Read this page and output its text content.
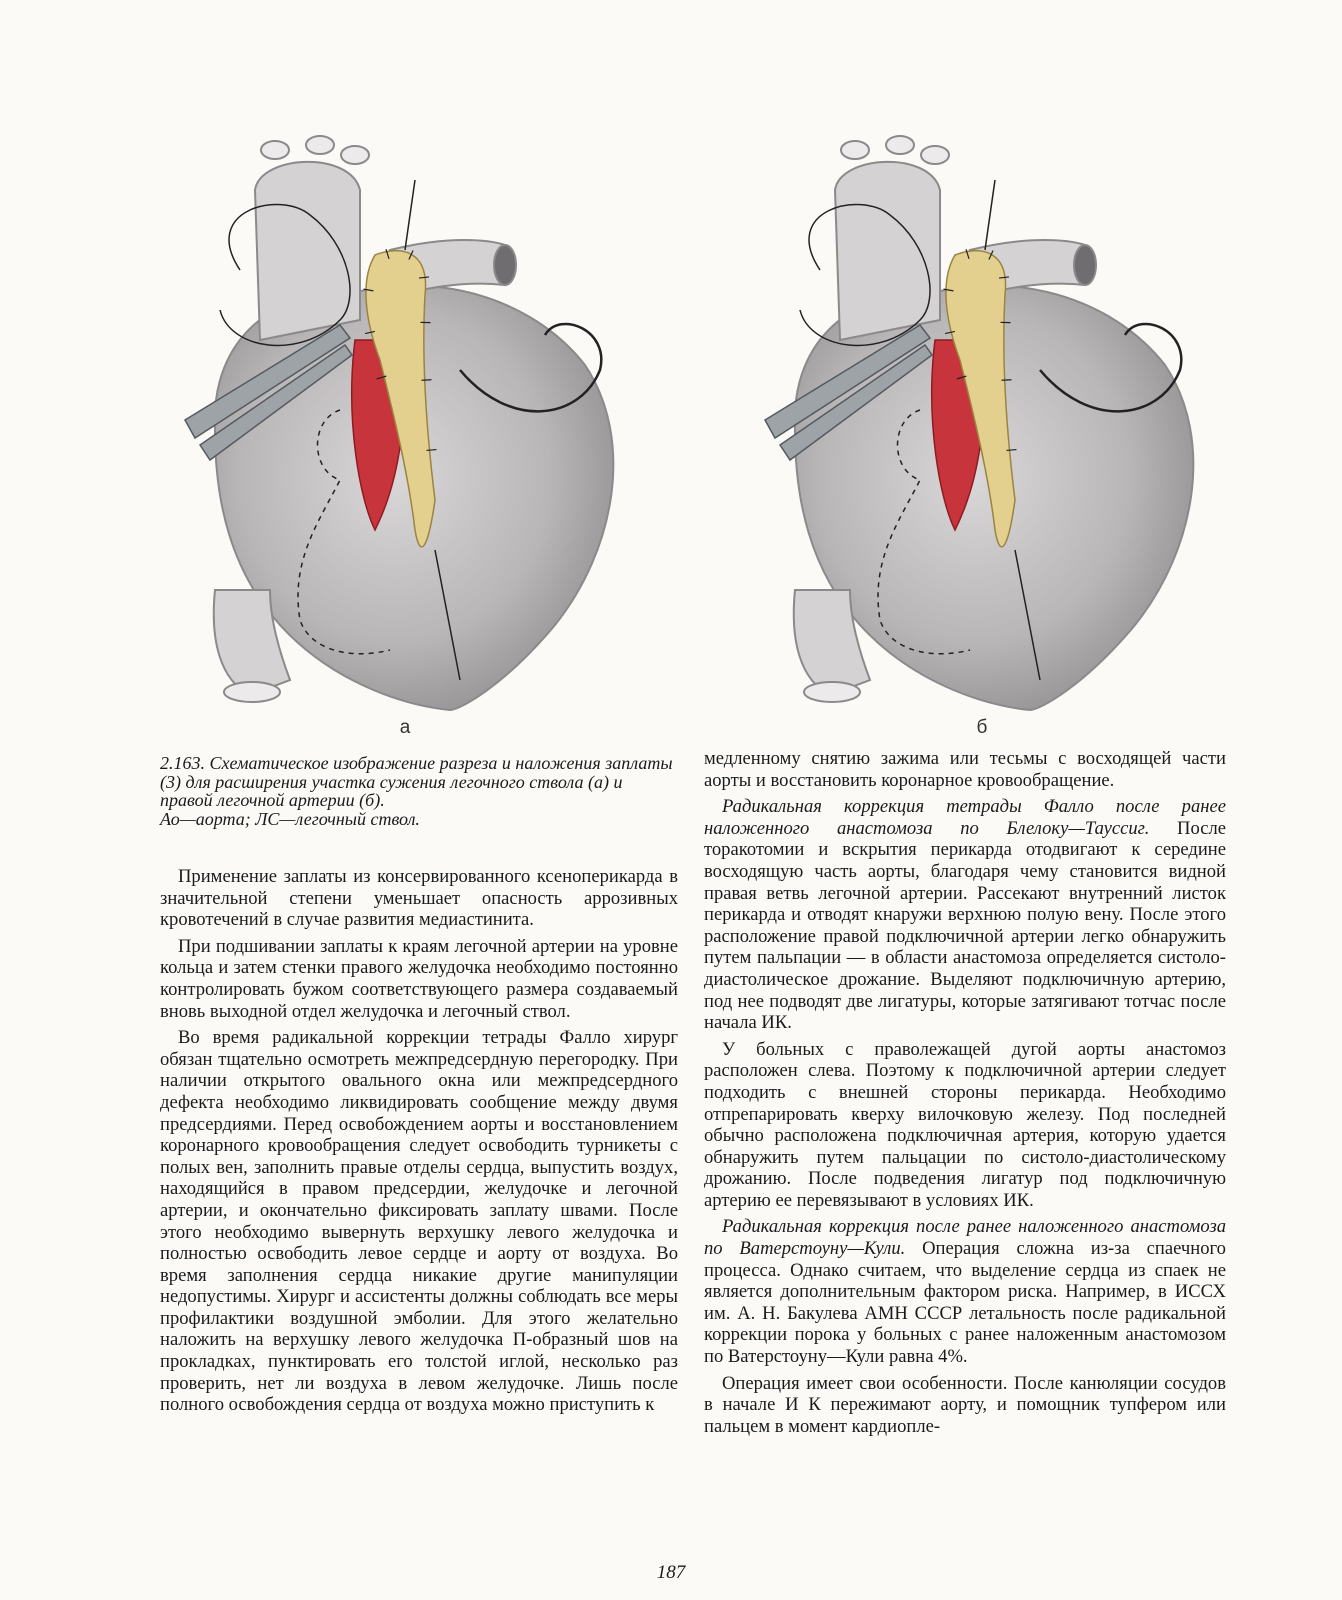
а	б

2.163. Схематическое изображение разреза и наложения заплаты (3) для расширения участка сужения легочного ствола (а) и правой легочной артерии (б).

Ао—аорта; ЛС—легочный ствол.

Применение заплаты из консервированного ксеноперикарда в значительной степени уменьшает опасность аррозивных кровотечений в случае развития медиастинита.

При подшивании заплаты к краям легочной артерии на уровне кольца и затем стенки правого желудочка необходимо постоянно контролировать бужом соответствующего размера создаваемый вновь выходной отдел желудочка и легочный ствол.

Во время радикальной коррекции тетрады Фалло хирург обязан тщательно осмотреть межпредсердную перегородку. При наличии открытого овального окна или межпредсердного дефекта необходимо ликвидировать сообщение между двумя предсердиями. Перед освобождением аорты и восстановлением коронарного кровообращения следует освободить турникеты с полых вен, заполнить правые отделы сердца, выпустить воздух, находящийся в правом предсердии, желудочке и легочной артерии, и окончательно фиксировать заплату швами. После этого необходимо вывернуть верхушку левого желудочка и полностью освободить левое сердце и аорту от воздуха. Во время заполнения сердца никакие другие манипуляции недопустимы. Хирург и ассистенты должны соблюдать все меры профилактики воздушной эмболии. Для этого желательно наложить на верхушку левого желудочка П-образный шов на прокладках, пунктировать его толстой иглой, несколько раз проверить, нет ли воздуха в левом желудочке. Лишь после полного освобождения сердца от воздуха можно приступить к

медленному снятию зажима или тесьмы с восходящей части аорты и восстановить коронарное кровообращение.

Радикальная коррекция тетрады Фалло после ранее наложенного анастомоза по Блелоку—Тауссиг. После торакотомии и вскрытия перикарда отодвигают к середине восходящую часть аорты, благодаря чему становится видной правая ветвь легочной артерии. Рассекают внутренний листок перикарда и отводят кнаружи верхнюю полую вену. После этого расположение правой подключичной артерии легко обнаружить путем пальпации — в области анастомоза определяется систоло-диастолическое дрожание. Выделяют подключичную артерию, под нее подводят две лигатуры, которые затягивают тотчас после начала ИК.

У больных с праволежащей дугой аорты анастомоз расположен слева. Поэтому к подключичной артерии следует подходить с внешней стороны перикарда. Необходимо отпрепарировать кверху вилочковую железу. Под последней обычно расположена подключичная артерия, которую удается обнаружить путем пальцации по систоло-диастолическому дрожанию. После подведения лигатур под подключичную артерию ее перевязывают в условиях ИК.

Радикальная коррекция после ранее наложенного анастомоза по Ватерстоуну—Кули. Операция сложна из-за спаечного процесса. Однако считаем, что выделение сердца из спаек не является дополнительным фактором риска. Например, в ИССХ им. А. Н. Бакулева АМН СССР летальность после радикальной коррекции порока у больных с ранее наложенным анастомозом по Ватерстоуну—Кули равна 4%.

Операция имеет свои особенности. После канюляции сосудов в начале И К пережимают аорту, и помощник тупфером или пальцем в момент кардиопле-

187
